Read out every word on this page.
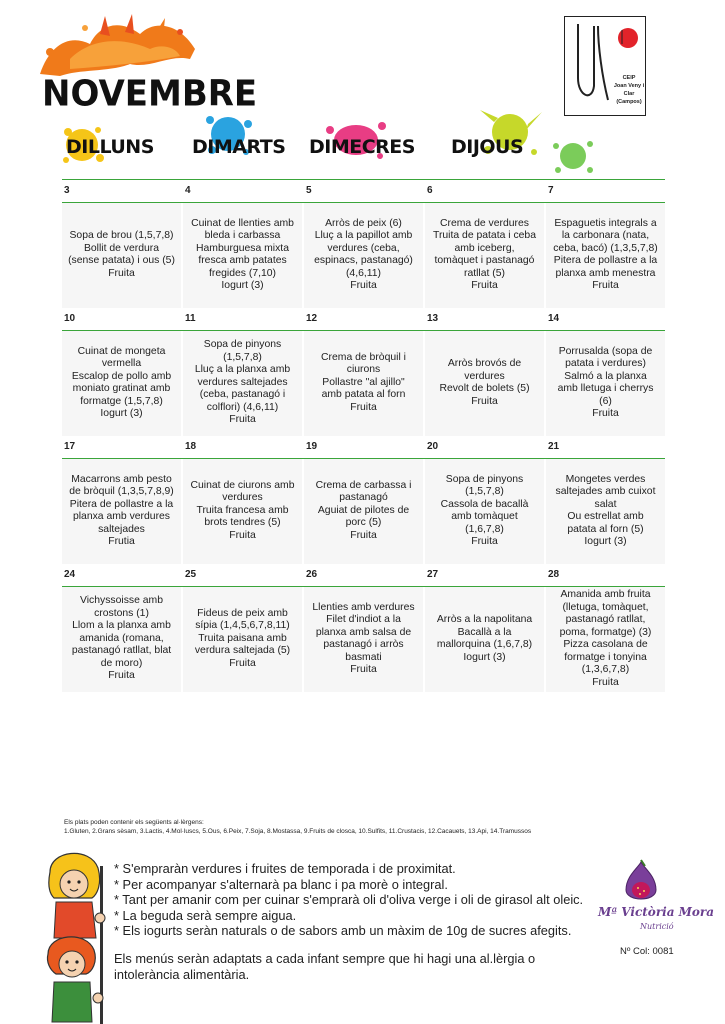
NOVEMBRE	CEIP
Joan Veny i
Clar
(Campos)
DILLUNS DIMARTS DIMECRES DIJOUS
3
Sopa de brou (1,5,7,8)
Bollit de verdura
(sense patata) i ous (5)
Fruita
4
Cuinat de llenties amb
bleda i carbassa
Hamburguesa mixta
fresca amb patates
fregides (7,10)
Iogurt (3)
5
Arròs de peix (6)
Lluç a la papillot amb
verdures (ceba,
espinacs, pastanagó)
(4,6,11)
Fruita
6
Crema de verdures
Truita de patata i ceba
amb iceberg,
tomàquet i pastanagó
ratllat (5)
Fruita
7
Espaguetis integrals a
la carbonara (nata,
ceba, bacó) (1,3,5,7,8)
Pitera de pollastre a la
planxa amb menestra
Fruita
10
Cuinat de mongeta
vermella
Escalop de pollo amb
moniato gratinat amb
formatge (1,5,7,8)
Iogurt (3)
11
Sopa de pinyons
(1,5,7,8)
Lluç a la planxa amb
verdures saltejades
(ceba, pastanagó i
colflori) (4,6,11)
Fruita
12
Crema de bròquil i
ciurons
Pollastre "al ajillo"
amb patata al forn
Fruita
13
Arròs brovós de
verdures
Revolt de bolets (5)
Fruita
14
Porrusalda (sopa de
patata i verdures)
Salmó a la planxa
amb lletuga i cherrys
(6)
Fruita
17
Macarrons amb pesto
de bròquil (1,3,5,7,8,9)
Pitera de pollastre a la
planxa amb verdures
saltejades
Frutia
18
Cuinat de ciurons amb
verdures
Truita francesa amb
brots tendres (5)
Fruita
19
Crema de carbassa i
pastanagó
Aguiat de pilotes de
porc (5)
Fruita
20
Sopa de pinyons
(1,5,7,8)
Cassola de bacallà
amb tomàquet
(1,6,7,8)
Fruita
21
Mongetes verdes
saltejades amb cuixot
salat
Ou estrellat amb
patata al forn (5)
Iogurt (3)
24
Vichyssoisse amb
crostons (1)
Llom a la planxa amb
amanida (romana,
pastanagó ratllat, blat
de moro)
Fruita
25
Fideus de peix amb
sípia (1,4,5,6,7,8,11)
Truita paisana amb
verdura saltejada (5)
Fruita
26
Llenties amb verdures
Filet d'indiot a la
planxa amb salsa de
pastanagó i arròs
basmati
Fruita
27
Arròs a la napolitana
Bacallà a la
mallorquina (1,6,7,8)
Iogurt (3)
28
Amanida amb fruita
(lletuga, tomàquet,
pastanagó ratllat,
poma, formatge) (3)
Pizza casolana de
formatge i tonyina
(1,3,6,7,8)
Fruita
Els plats poden contenir els següents al·lèrgens:
1.Gluten, 2.Grans sèsam, 3.Lactis, 4.Mol·luscs, 5.Ous, 6.Peix, 7.Soja, 8.Mostassa, 9.Fruits de closca, 10.Sulfits, 11.Crustacis, 12.Cacauets, 13.Api, 14.Tramussos
* S'empraràn verdures i fruites de temporada i de proximitat.
* Per acompanyar s'alternarà pa blanc i pa morè o integral.
* Tant per amanir com per cuinar s'emprarà oli d'oliva verge i oli de girasol alt oleic.
* La beguda serà sempre aigua.
* Els iogurts seràn naturals o de sabors amb un màxim de 10g de sucres afegits.
Els menús seràn adaptats a cada infant sempre que hi hagi una al.lèrgia o intolerància alimentària.
Mª Victòria Mora
Nutrició
Nº Col: 0081
